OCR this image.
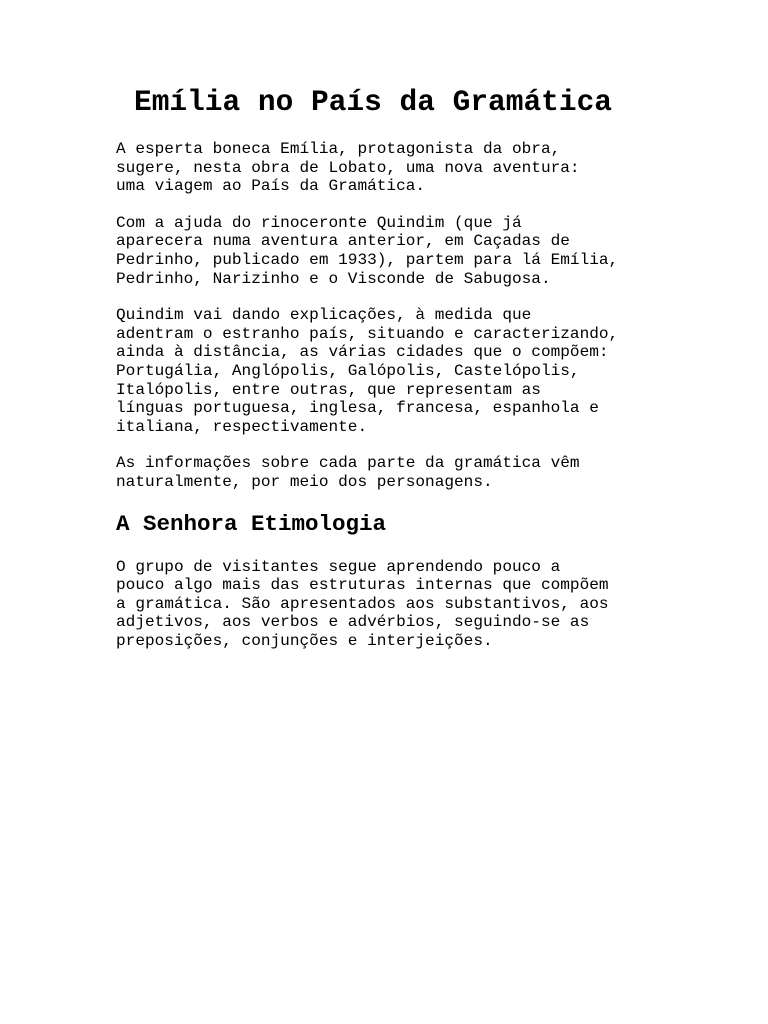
Emília no País da Gramática

A esperta boneca Emília, protagonista da obra,
sugere, nesta obra de Lobato, uma nova aventura:
uma viagem ao País da Gramática.

Com a ajuda do rinoceronte Quindim (que já
aparecera numa aventura anterior, em Caçadas de
Pedrinho, publicado em 1933), partem para lá Emília,
Pedrinho, Narizinho e o Visconde de Sabugosa.

Quindim vai dando explicações, à medida que
adentram o estranho país, situando e caracterizando,
ainda à distância, as várias cidades que o compõem:
Portugália, Anglópolis, Galópolis, Castelópolis,
Italópolis, entre outras, que representam as
línguas portuguesa, inglesa, francesa, espanhola e
italiana, respectivamente.

As informações sobre cada parte da gramática vêm
naturalmente, por meio dos personagens.

A Senhora Etimologia

O grupo de visitantes segue aprendendo pouco a
pouco algo mais das estruturas internas que compõem
a gramática. São apresentados aos substantivos, aos
adjetivos, aos verbos e advérbios, seguindo-se as
preposições, conjunções e interjeições.
